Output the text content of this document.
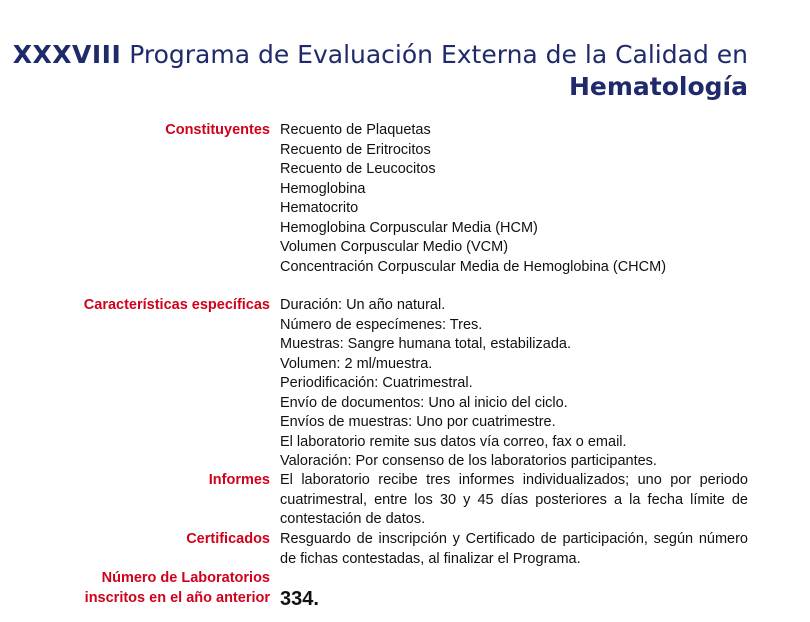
XXXVIII Programa de Evaluación Externa de la Calidad en
Hematología
Constituyentes Recuento de Plaquetas
Recuento de Eritrocitos
Recuento de Leucocitos
Hemoglobina
Hematocrito
Hemoglobina Corpuscular Media (HCM)
Volumen Corpuscular Medio (VCM)
Concentración Corpuscular Media de Hemoglobina (CHCM)
Características específicas Duración: Un año natural.
Número de especímenes: Tres.
Muestras: Sangre humana total, estabilizada.
Volumen: 2 ml/muestra.
Periodificación: Cuatrimestral.
Envío de documentos: Uno al inicio del ciclo.
Envíos de muestras: Uno por cuatrimestre.
El laboratorio remite sus datos vía correo, fax o email.
Valoración: Por consenso de los laboratorios participantes.
Informes El laboratorio recibe tres informes individualizados; uno por periodo cuatrimestral, entre los 30 y 45 días posteriores a la fecha límite de contestación de datos.
Certificados Resguardo de inscripción y Certificado de participación, según número de fichas contestadas, al finalizar el Programa.
Número de Laboratorios
inscritos en el año anterior 334.
